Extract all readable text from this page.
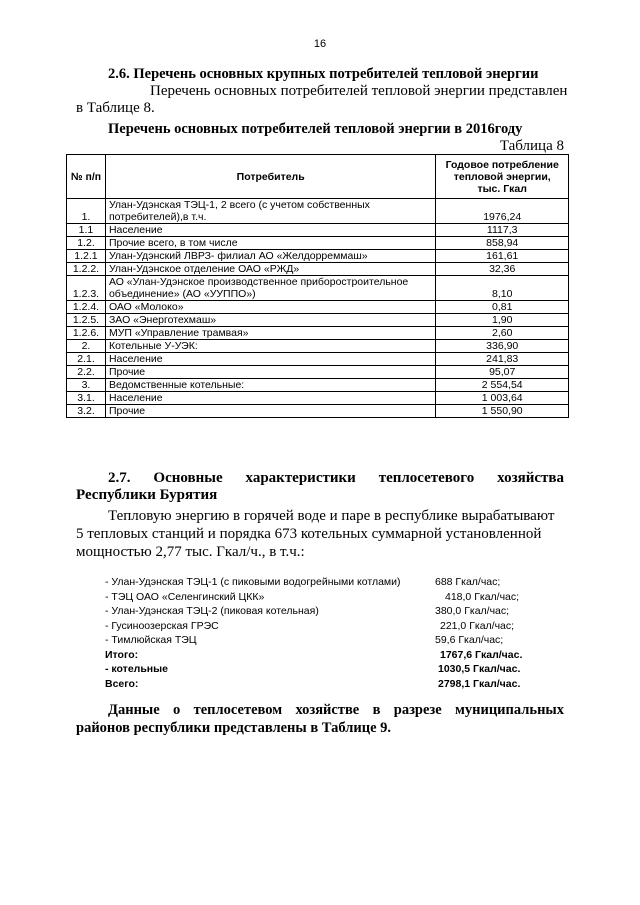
16
2.6. Перечень основных крупных потребителей тепловой энергии
Перечень основных потребителей тепловой энергии представлен
в Таблице 8.
Перечень основных потребителей тепловой энергии в 2016году
Таблица 8
№ п/п	Потребитель	Годовое потребление
тепловой энергии,
тыс. Гкал

1.	Улан-Удэнская ТЭЦ-1, 2 всего (с учетом собственных потребителей),в т.ч.	1976,24
1.1	Население	1117,3
1.2.	Прочие всего, в том числе	858,94
1.2.1	Улан-Удэнский ЛВРЗ- филиал АО «Желдорреммаш»	161,61
1.2.2.	Улан-Удэнское отделение ОАО «РЖД»	32,36
1.2.3.	АО «Улан-Удэнское производственное приборостроительное объединение» (АО «УУППО»)	8,10
1.2.4.	ОАО «Молоко»	0,81
1.2.5.	ЗАО «Энерготехмаш»	1,90
1.2.6.	МУП «Управление трамвая»	2,60
2.	Котельные У-УЭК:	336,90
2.1.	Население	241,83
2.2.	Прочие	95,07
3.	Ведомственные котельные:	2 554,54
3.1.	Население	1 003,64
3.2.	Прочие	1 550,90
2.7. Основные характеристики теплосетевого хозяйства
Республики Бурятия
Тепловую энергию в горячей воде и паре в республике вырабатывают
5 тепловых станций и порядка 673 котельных суммарной установленной
мощностью 2,77 тыс. Гкал/ч., в т.ч.:
- Улан-Удэнская ТЭЦ-1 (с пиковыми водогрейными котлами)	688 Гкал/час;
- ТЭЦ ОАО «Селенгинский ЦКК»	418,0 Гкал/час;
- Улан-Удэнская ТЭЦ-2 (пиковая котельная)	380,0 Гкал/час;
- Гусиноозерская ГРЭС	221,0 Гкал/час;
- Тимлюйская ТЭЦ	59,6 Гкал/час;
Итого:	1767,6 Гкал/час.
- котельные	1030,5 Гкал/час.
Всего:	2798,1 Гкал/час.
Данные о теплосетевом хозяйстве в разрезе муниципальных
районов республики представлены в Таблице 9.
